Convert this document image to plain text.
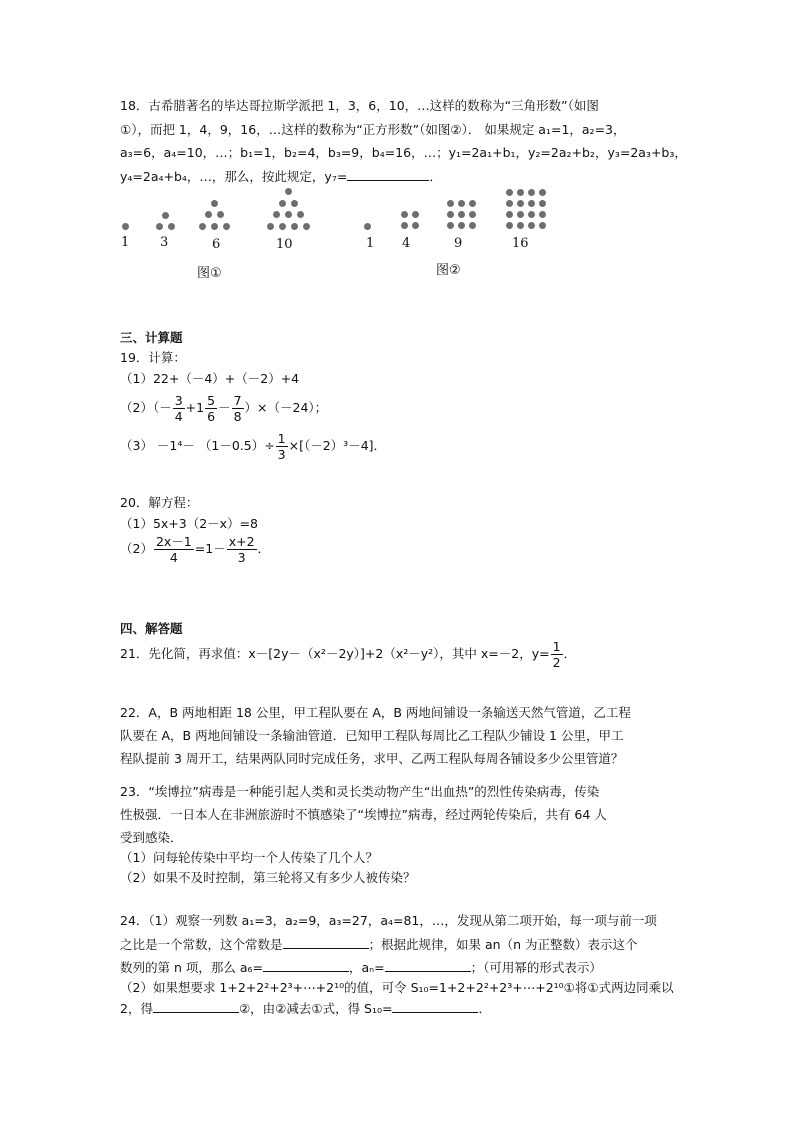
18．古希腊著名的毕达哥拉斯学派把 1，3，6，10，…这样的数称为“三角形数”（如图
①），而把 1，4，9，16，…这样的数称为“正方形数”（如图②）． 如果规定 a₁=1，a₂=3，
a₃=6，a₄=10，…；b₁=1，b₂=4，b₃=9，b₄=16，…；y₁=2a₁+b₁，y₂=2a₂+b₂，y₃=2a₃+b₃，
y₄=2a₄+b₄，…，那么，按此规定，y₇=	．
1 3	6	10
图①
1 4	9	16
图②
三、计算题
19．计算：
（1）22+（－4）+（－2）+4
$(2)(- \frac{3}{4} +1 \frac{5}{6} - \frac{7}{8} )\times(-24)$；
$(3) -1^4- (1-0.5)\div \frac{1}{3} \times[(-2)^3-4]$．
20．解方程：
（1）5x+3（2－x）=8
$(2) \frac{2x-1}{4} =1- \frac{x+2}{3}$ ．
四、解答题
21．先化简，再求值：x－[2y－（x²－2y）]+2（x²－y²），其中 x=－2，$y= \frac{1}{2}$ ．
22．A，B 两地相距 18 公里，甲工程队要在 A，B 两地间铺设一条输送天然气管道，乙工程
队要在 A，B 两地间铺设一条输油管道．已知甲工程队每周比乙工程队少铺设 1 公里，甲工
程队提前 3 周开工，结果两队同时完成任务，求甲、乙两工程队每周各铺设多少公里管道？
23．“埃博拉”病毒是一种能引起人类和灵长类动物产生“出血热”的烈性传染病毒，传染
性极强．一日本人在非洲旅游时不慎感染了“埃博拉”病毒，经过两轮传染后，共有 64 人
受到感染．
（1）问每轮传染中平均一个人传染了几个人？
（2）如果不及时控制，第三轮将又有多少人被传染？
24．（1）观察一列数 a₁=3，a₂=9，a₃=27，a₄=81，…，发现从第二项开始，每一项与前一项
之比是一个常数，这个常数是	；根据此规律，如果 an（n 为正整数）表示这个
数列的第 n 项，那么 a₆=	，aₙ=	；（可用幂的形式表示）
（2）如果想要求 1+2+2²+2³+⋯+2¹⁰的值，可令 S₁₀=1+2+2²+2³+⋯+2¹⁰①将①式两边同乘以
2，得	②，由②减去①式，得 S₁₀=	．
